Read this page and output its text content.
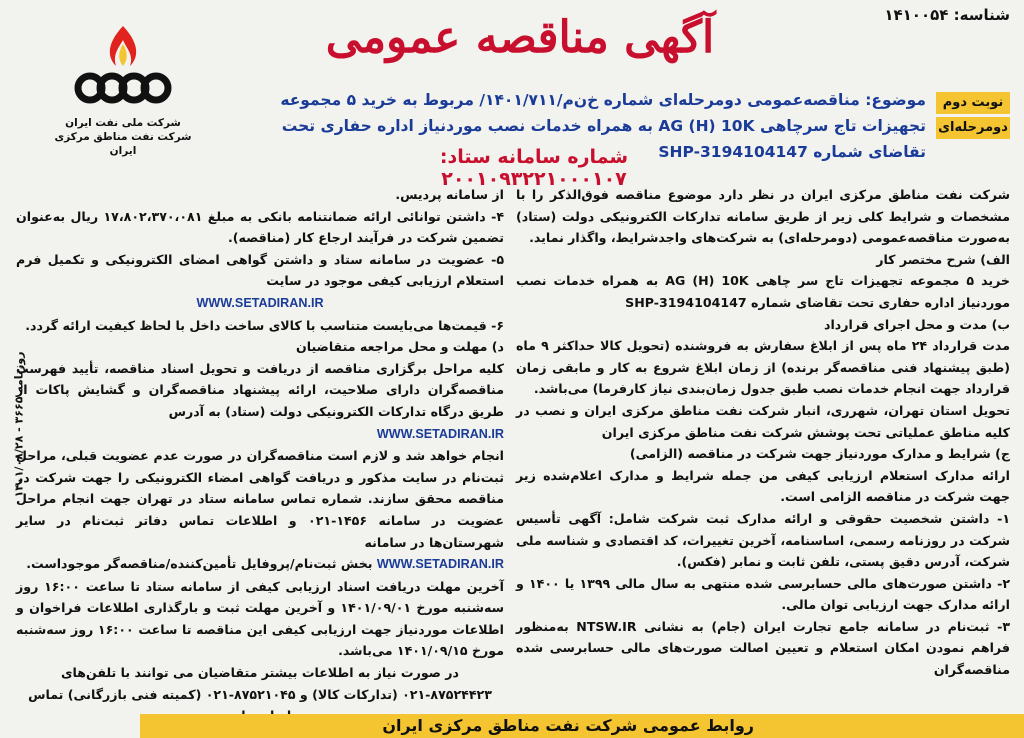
شناسه: ۱۴۱۰۰۵۴
آگهی مناقصه عمومی
شرکت ملی نفت ایران
شرکت نفت مناطق مرکزی ایران
نوبت دوم
دومرحله‌ای
موضوع: مناقصه‌عمومی دومرحله‌ای شماره خ‌ن‌م/۱۴۰۱/۷۱۱/ مربوط به خرید ۵ مجموعه تجهیزات تاج سرچاهی AG (H) 10K به همراه خدمات نصب موردنیاز اداره حفاری تحت تقاضای شماره SHP-3194104147
شماره سامانه ستاد: ۲۰۰۱۰۹۳۲۲۱۰۰۰۱۰۷

شرکت نفت مناطق مرکزی ایران در نظر دارد موضوع مناقصه فوق‌الذکر را با مشخصات و شرایط کلی زیر از طریق سامانه تدارکات الکترونیکی دولت (ستاد) به‌صورت مناقصه‌عمومی (دومرحله‌ای) به شرکت‌های واجدشرایط، واگذار نماید.

الف) شرح مختصر کار

خرید ۵ مجموعه تجهیزات تاج سر چاهی AG (H) 10K به همراه خدمات نصب موردنیاز اداره حفاری تحت تقاضای شماره SHP-3194104147

ب) مدت و محل اجرای قرارداد

مدت قرارداد ۲۴ ماه پس از ابلاغ سفارش به فروشنده (تحویل کالا حداکثر ۹ ماه (طبق پیشنهاد فنی مناقصه‌گر برنده) از زمان ابلاغ شروع به کار و مابقی زمان قرارداد جهت انجام خدمات نصب طبق جدول زمان‌بندی نیاز کارفرما) می‌باشد.

تحویل استان تهران، شهرری، انبار شرکت نفت مناطق مرکزی ایران و نصب در کلیه مناطق عملیاتی تحت پوشش شرکت نفت مناطق مرکزی ایران

ج) شرایط و مدارک موردنیاز جهت شرکت در مناقصه (الزامی)

ارائه مدارک استعلام ارزیابی کیفی من جمله شرایط و مدارک اعلام‌شده زیر جهت شرکت در مناقصه الزامی است.

۱- داشتن شخصیت حقوقی و ارائه مدارک ثبت شرکت شامل: آگهی تأسیس شرکت در روزنامه رسمی، اساسنامه، آخرین تغییرات، کد اقتصادی و شناسه ملی شرکت، آدرس دقیق پستی، تلفن ثابت و نمابر (فکس).

۲- داشتن صورت‌های مالی حسابرسی شده منتهی به سال مالی ۱۳۹۹ یا ۱۴۰۰ و ارائه مدارک جهت ارزیابی توان مالی.

۳- ثبت‌نام در سامانه جامع تجارت ایران (جام) به نشانی NTSW.IR به‌منظور فراهم نمودن امکان استعلام و تعیین اصالت صورت‌های مالی حسابرسی شده مناقصه‌گران

از سامانه پردیس.

۴- داشتن توانائی ارائه ضمانتنامه بانکی به مبلغ ۱۷،۸۰۲،۳۷۰،۰۸۱ ریال به‌عنوان تضمین شرکت در فرآیند ارجاع کار (مناقصه).

۵- عضویت در سامانه ستاد و داشتن گواهی امضای الکترونیکی و تکمیل فرم استعلام ارزیابی کیفی موجود در سایت

WWW.SETADIRAN.IR

۶- قیمت‌ها می‌بایست متناسب با کالای ساخت داخل با لحاظ کیفیت ارائه گردد.

د) مهلت و محل مراجعه متقاضیان

کلیه مراحل برگزاری مناقصه از دریافت و تحویل اسناد مناقصه، تأیید فهرست مناقصه‌گران دارای صلاحیت، ارائه پیشنهاد مناقصه‌گران و گشایش پاکات از طریق درگاه تدارکات الکترونیکی دولت (ستاد) به آدرس

WWW.SETADIRAN.IR

انجام خواهد شد و لازم است مناقصه‌گران در صورت عدم عضویت قبلی، مراحل ثبت‌نام در سایت مذکور و دریافت گواهی امضاء الکترونیکی را جهت شرکت در مناقصه محقق سازند. شماره تماس سامانه ستاد در تهران جهت انجام مراحل عضویت در سامانه ۱۴۵۶-۰۲۱ و اطلاعات تماس دفاتر ثبت‌نام در سایر شهرستان‌ها در سامانه

WWW.SETADIRAN.IR بخش ثبت‌نام/پروفایل تأمین‌کننده/مناقصه‌گر موجوداست.

آخرین مهلت دریافت اسناد ارزیابی کیفی از سامانه ستاد تا ساعت ۱۶:۰۰ روز سه‌شنبه مورخ ۱۴۰۱/۰۹/۰۱ و آخرین مهلت ثبت و بارگذاری اطلاعات فراخوان و اطلاعات موردنیاز جهت ارزیابی کیفی این مناقصه تا ساعت ۱۶:۰۰ روز سه‌شنبه مورخ ۱۴۰۱/۰۹/۱۵ می‌باشد.

در صورت نیاز به اطلاعات بیشتر متقاضیان می توانند با تلفن‌های ۸۷۵۲۴۴۲۳-۰۲۱ (تدارکات کالا) و ۸۷۵۲۱۰۴۵-۰۲۱ (کمیته فنی بازرگانی) تماس

روزنامه ۳۶۶۵ - ۱۴۰۱/۰۸/۲۸
روابط عمومی شرکت نفت مناطق مرکزی ایران
